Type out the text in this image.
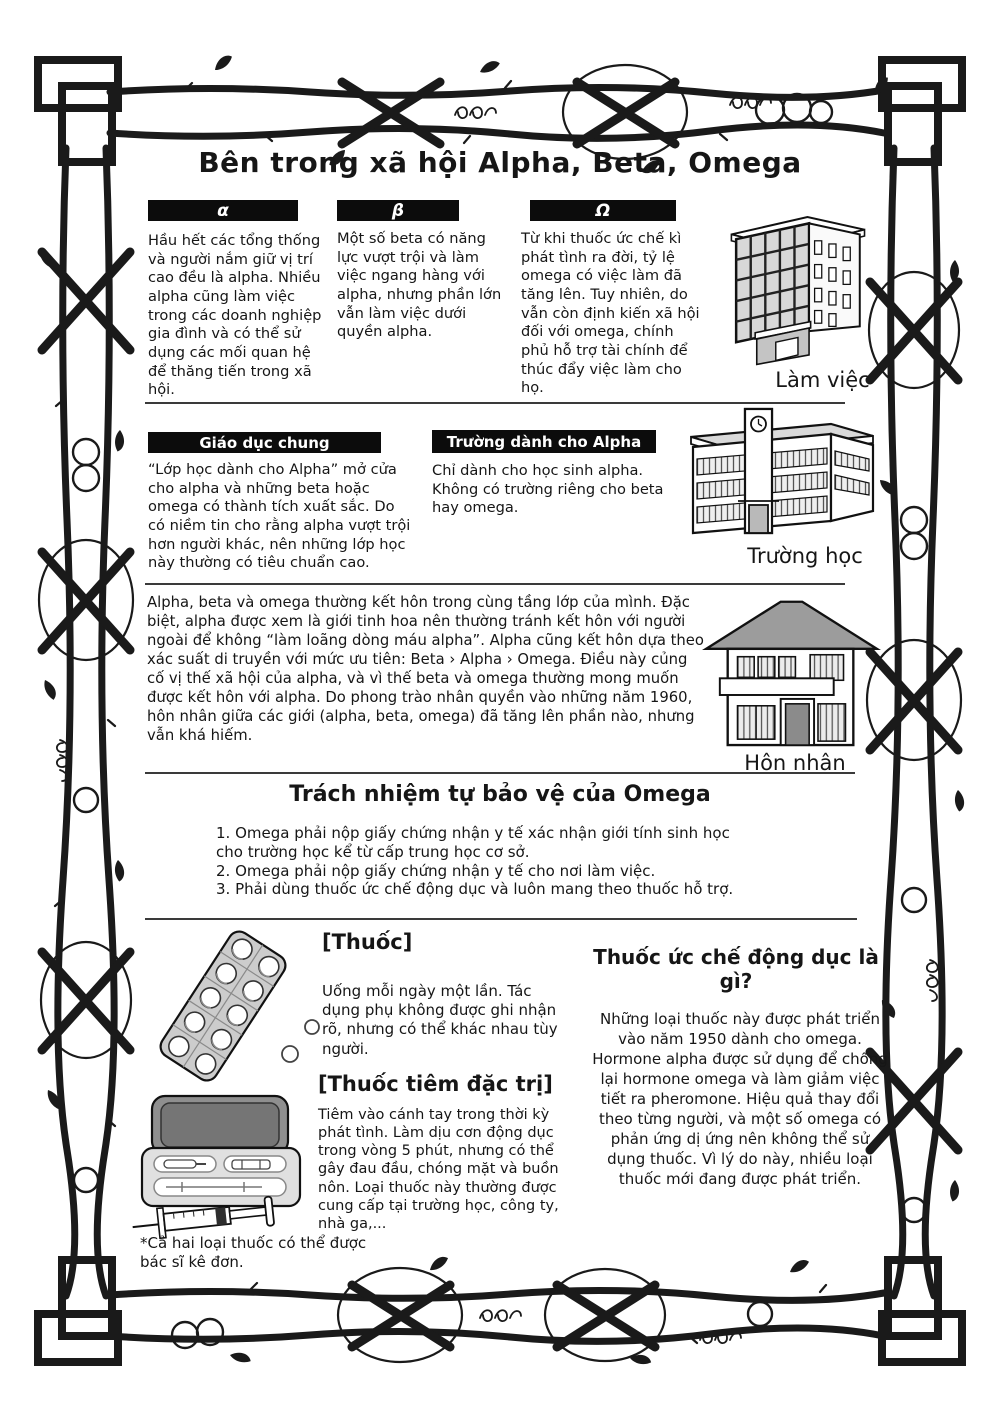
Bên trong xã hội Alpha, Beta, Omega
α	β	Ω
Hầu hết các tổng thống và người nắm giữ vị trí cao đều là alpha. Nhiều alpha cũng làm việc trong các doanh nghiệp gia đình và có thể sử dụng các mối quan hệ để thăng tiến trong xã hội.
Một số beta có năng lực vượt trội và làm việc ngang hàng với alpha, nhưng phần lớn vẫn làm việc dưới quyền alpha.
Từ khi thuốc ức chế kì phát tình ra đời, tỷ lệ omega có việc làm đã tăng lên. Tuy nhiên, do vẫn còn định kiến xã hội đối với omega, chính phủ hỗ trợ tài chính để thúc đẩy việc làm cho họ.	Làm việc
Giáo dục chung
“Lớp học dành cho Alpha” mở cửa cho alpha và những beta hoặc omega có thành tích xuất sắc. Do có niềm tin cho rằng alpha vượt trội hơn người khác, nên những lớp học này thường có tiêu chuẩn cao.
Trường dành cho Alpha
Chỉ dành cho học sinh alpha. Không có trường riêng cho beta hay omega.
Trường học
Alpha, beta và omega thường kết hôn trong cùng tầng lớp của mình. Đặc biệt, alpha được xem là giới tinh hoa nên thường tránh kết hôn với người ngoài để không “làm loãng dòng máu alpha”. Alpha cũng kết hôn dựa theo xác suất di truyền với mức ưu tiên: Beta › Alpha › Omega. Điều này củng cố vị thế xã hội của alpha, và vì thế beta và omega thường mong muốn được kết hôn với alpha. Do phong trào nhân quyền vào những năm 1960, hôn nhân giữa các giới (alpha, beta, omega) đã tăng lên phần nào, nhưng vẫn khá hiếm.
Hôn nhân
Trách nhiệm tự bảo vệ của Omega
1. Omega phải nộp giấy chứng nhận y tế xác nhận giới tính sinh học cho trường học kể từ cấp trung học cơ sở.
2. Omega phải nộp giấy chứng nhận y tế cho nơi làm việc.
3. Phải dùng thuốc ức chế động dục và luôn mang theo thuốc hỗ trợ.
[Thuốc]
Uống mỗi ngày một lần. Tác dụng phụ không được ghi nhận rõ, nhưng có thể khác nhau tùy người.
[Thuốc tiêm đặc trị]
Tiêm vào cánh tay trong thời kỳ phát tình. Làm dịu cơn động dục trong vòng 5 phút, nhưng có thể gây đau đầu, chóng mặt và buồn nôn. Loại thuốc này thường được cung cấp tại trường học, công ty, nhà ga,...
Thuốc ức chế động dục là gì?
Những loại thuốc này được phát triển vào năm 1950 dành cho omega. Hormone alpha được sử dụng để chống lại hormone omega và làm giảm việc tiết ra pheromone. Hiệu quả thay đổi theo từng người, và một số omega có phản ứng dị ứng nên không thể sử dụng thuốc. Vì lý do này, nhiều loại thuốc mới đang được phát triển.
*Cả hai loại thuốc có thể được bác sĩ kê đơn.
